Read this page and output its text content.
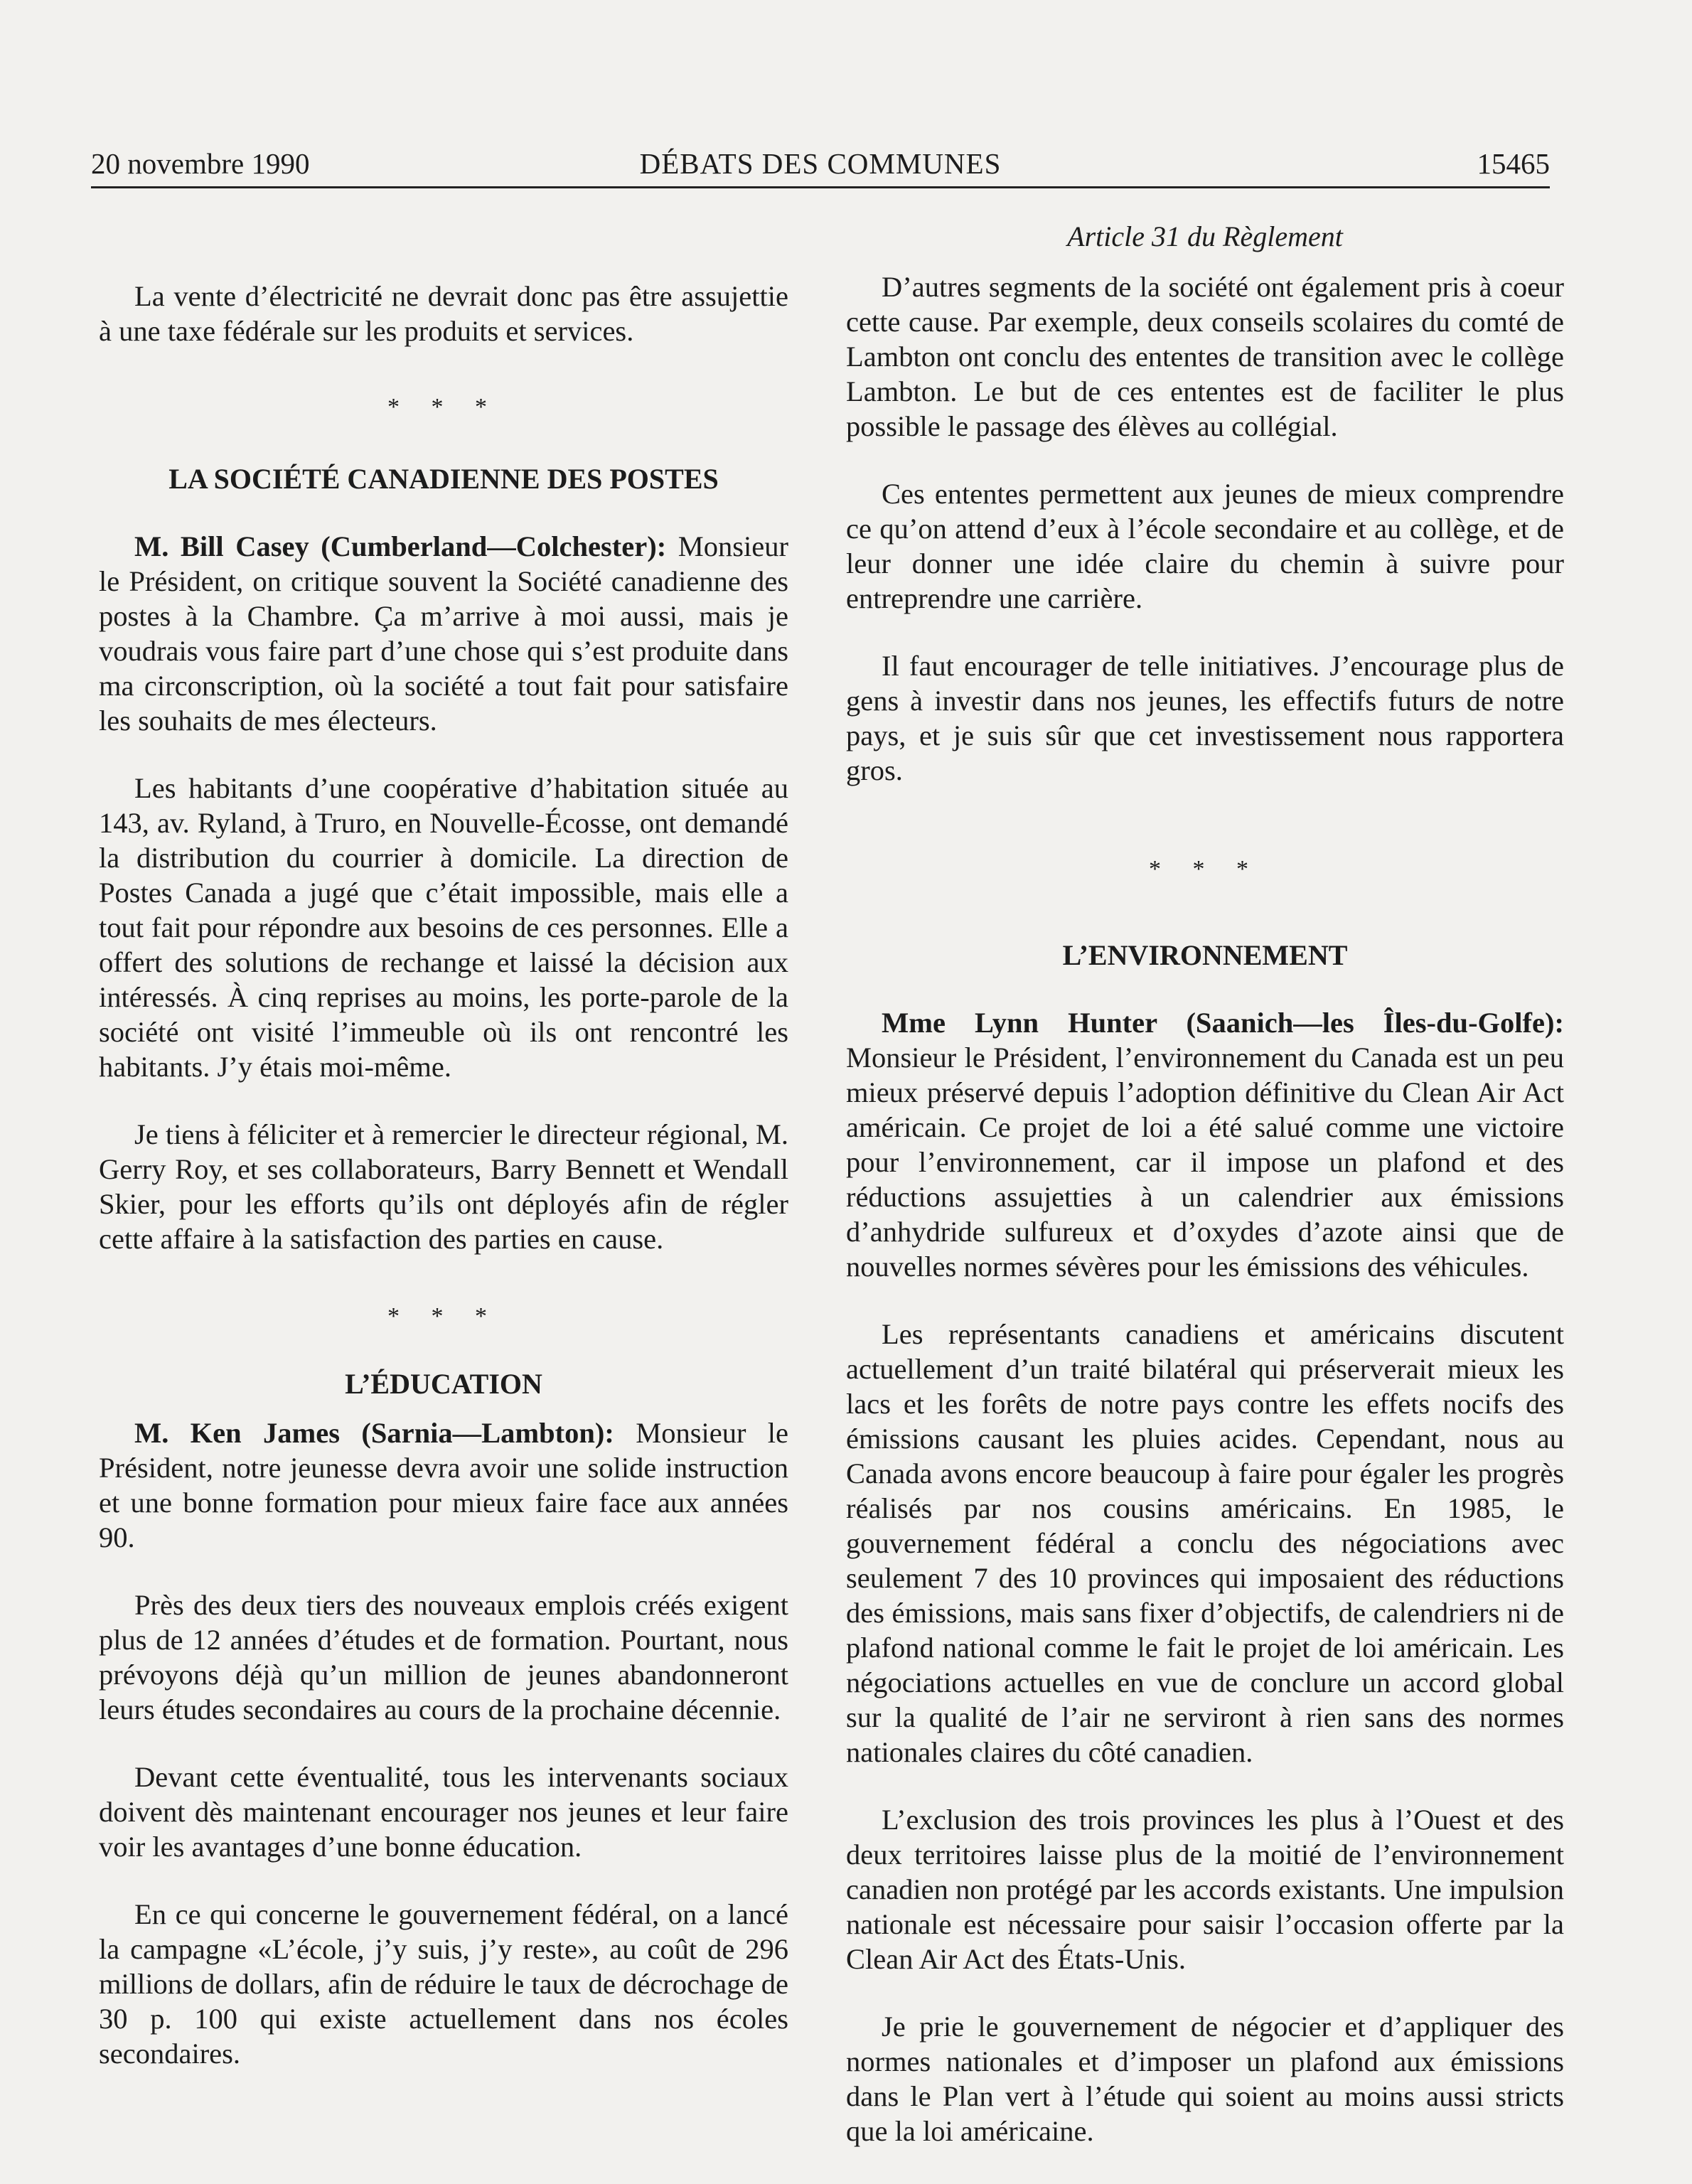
20 novembre 1990	DÉBATS DES COMMUNES	15465

La vente d’électricité ne devrait donc pas être assujettie à une taxe fédérale sur les produits et services.

* * *
LA SOCIÉTÉ CANADIENNE DES POSTES

M. Bill Casey (Cumberland—Colchester): Monsieur le Président, on critique souvent la Société canadienne des postes à la Chambre. Ça m’arrive à moi aussi, mais je voudrais vous faire part d’une chose qui s’est produite dans ma circonscription, où la société a tout fait pour satisfaire les souhaits de mes électeurs.

Les habitants d’une coopérative d’habitation située au 143, av. Ryland, à Truro, en Nouvelle-Écosse, ont demandé la distribution du courrier à domicile. La direction de Postes Canada a jugé que c’était impossible, mais elle a tout fait pour répondre aux besoins de ces personnes. Elle a offert des solutions de rechange et laissé la décision aux intéressés. À cinq reprises au moins, les porte-parole de la société ont visité l’immeuble où ils ont rencontré les habitants. J’y étais moi-même.

Je tiens à féliciter et à remercier le directeur régional, M. Gerry Roy, et ses collaborateurs, Barry Bennett et Wendall Skier, pour les efforts qu’ils ont déployés afin de régler cette affaire à la satisfaction des parties en cause.

* * *
L’ÉDUCATION

M. Ken James (Sarnia—Lambton): Monsieur le Président, notre jeunesse devra avoir une solide instruction et une bonne formation pour mieux faire face aux années 90.

Près des deux tiers des nouveaux emplois créés exigent plus de 12 années d’études et de formation. Pourtant, nous prévoyons déjà qu’un million de jeunes abandonneront leurs études secondaires au cours de la prochaine décennie.

Devant cette éventualité, tous les intervenants sociaux doivent dès maintenant encourager nos jeunes et leur faire voir les avantages d’une bonne éducation.

En ce qui concerne le gouvernement fédéral, on a lancé la campagne «L’école, j’y suis, j’y reste», au coût de 296 millions de dollars, afin de réduire le taux de décrochage de 30 p. 100 qui existe actuellement dans nos écoles secondaires.

Article 31 du Règlement

D’autres segments de la société ont également pris à coeur cette cause. Par exemple, deux conseils scolaires du comté de Lambton ont conclu des ententes de transition avec le collège Lambton. Le but de ces ententes est de faciliter le plus possible le passage des élèves au collégial.

Ces ententes permettent aux jeunes de mieux comprendre ce qu’on attend d’eux à l’école secondaire et au collège, et de leur donner une idée claire du chemin à suivre pour entreprendre une carrière.

Il faut encourager de telle initiatives. J’encourage plus de gens à investir dans nos jeunes, les effectifs futurs de notre pays, et je suis sûr que cet investissement nous rapportera gros.

* * *
L’ENVIRONNEMENT

Mme Lynn Hunter (Saanich—les Îles-du-Golfe): Monsieur le Président, l’environnement du Canada est un peu mieux préservé depuis l’adoption définitive du Clean Air Act américain. Ce projet de loi a été salué comme une victoire pour l’environnement, car il impose un plafond et des réductions assujetties à un calendrier aux émissions d’anhydride sulfureux et d’oxydes d’azote ainsi que de nouvelles normes sévères pour les émissions des véhicules.

Les représentants canadiens et américains discutent actuellement d’un traité bilatéral qui préserverait mieux les lacs et les forêts de notre pays contre les effets nocifs des émissions causant les pluies acides. Cependant, nous au Canada avons encore beaucoup à faire pour égaler les progrès réalisés par nos cousins américains. En 1985, le gouvernement fédéral a conclu des négociations avec seulement 7 des 10 provinces qui imposaient des réductions des émissions, mais sans fixer d’objectifs, de calendriers ni de plafond national comme le fait le projet de loi américain. Les négociations actuelles en vue de conclure un accord global sur la qualité de l’air ne serviront à rien sans des normes nationales claires du côté canadien.

L’exclusion des trois provinces les plus à l’Ouest et des deux territoires laisse plus de la moitié de l’environnement canadien non protégé par les accords existants. Une impulsion nationale est nécessaire pour saisir l’occasion offerte par la Clean Air Act des États-Unis.

Je prie le gouvernement de négocier et d’appliquer des normes nationales et d’imposer un plafond aux émissions dans le Plan vert à l’étude qui soient au moins aussi stricts que la loi américaine.
